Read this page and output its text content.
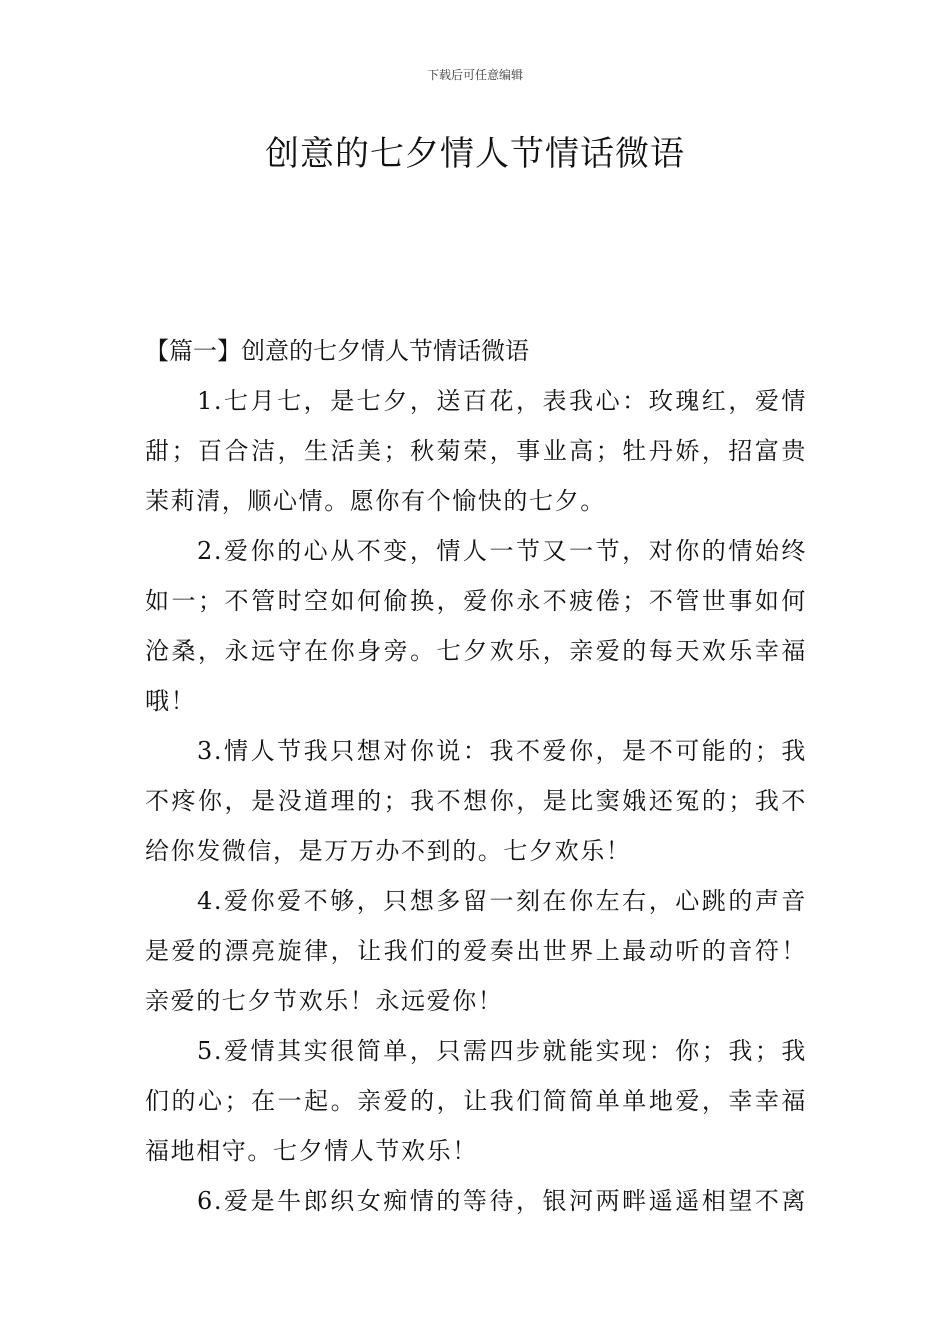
下载后可任意编辑
创意的七夕情人节情话微语

【篇一】创意的七夕情人节情话微语

1.七月七，是七夕，送百花，表我心：玫瑰红，爱情
甜；百合洁，生活美；秋菊荣，事业高；牡丹娇，招富贵
茉莉清，顺心情。愿你有个愉快的七夕。

2.爱你的心从不变，情人一节又一节，对你的情始终
如一；不管时空如何偷换，爱你永不疲倦；不管世事如何
沧桑，永远守在你身旁。七夕欢乐，亲爱的每天欢乐幸福
哦！

3.情人节我只想对你说：我不爱你，是不可能的；我
不疼你，是没道理的；我不想你，是比窦娥还冤的；我不
给你发微信，是万万办不到的。七夕欢乐！

4.爱你爱不够，只想多留一刻在你左右，心跳的声音
是爱的漂亮旋律，让我们的爱奏出世界上最动听的音符！
亲爱的七夕节欢乐！永远爱你！

5.爱情其实很简单，只需四步就能实现：你；我；我
们的心；在一起。亲爱的，让我们简简单单地爱，幸幸福
福地相守。七夕情人节欢乐！

6.爱是牛郎织女痴情的等待，银河两畔遥遥相望不离
